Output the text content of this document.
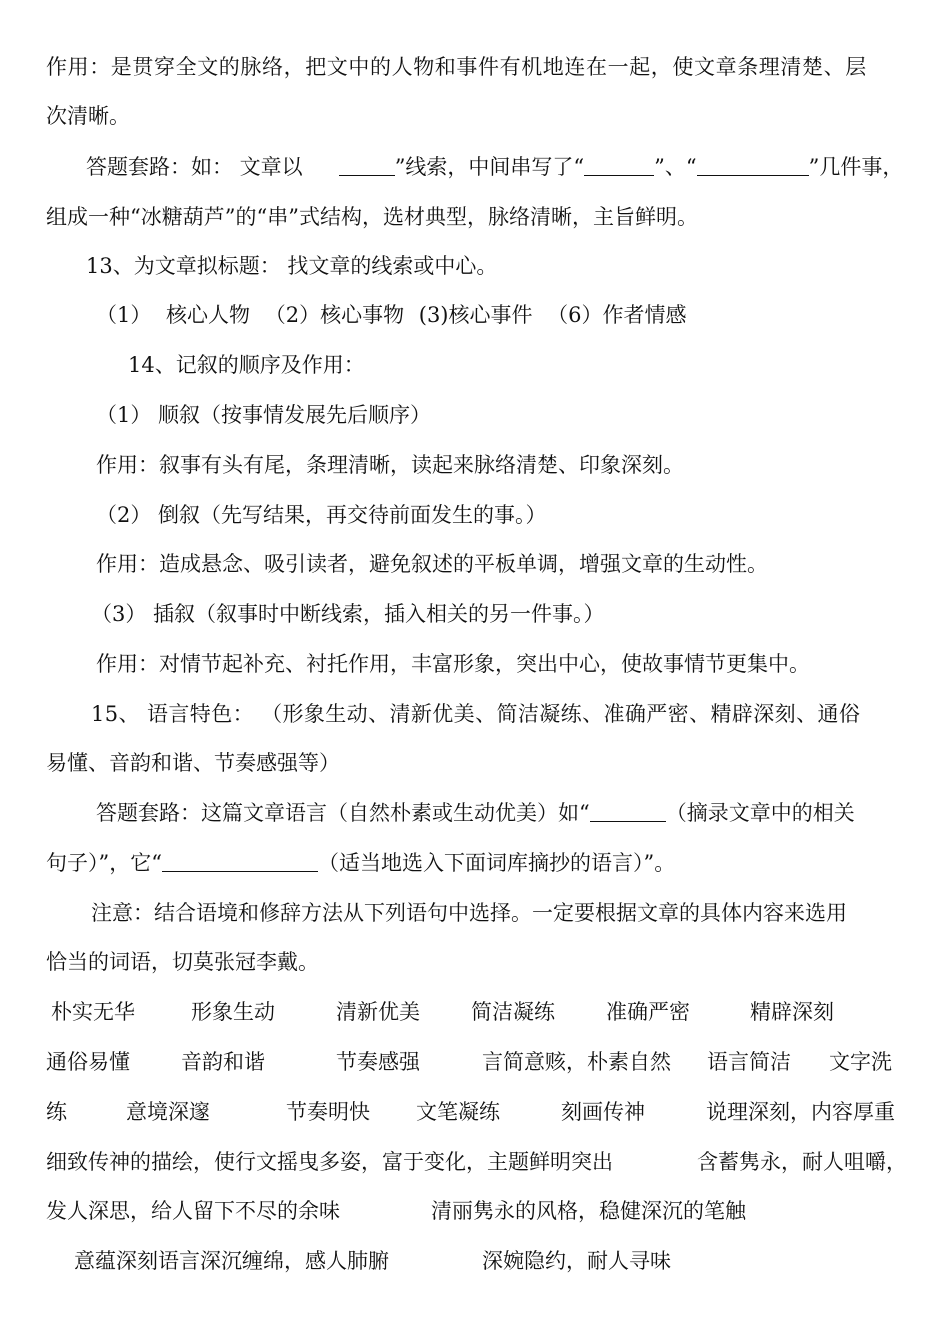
作用：是贯穿全文的脉络，把文中的人物和事件有机地连在一起，使文章条理清楚、层
次清晰。
答题套路：如： 文章以	”线索，中间串写了“	”、“	”几件事，
组成一种“冰糖葫芦”的“串”式结构，选材典型，脉络清晰，主旨鲜明。
13、为文章拟标题： 找文章的线索或中心。
（1） 核心人物 （2）核心事物 (3)核心事件 （6）作者情感
14、记叙的顺序及作用：
（1） 顺叙（按事情发展先后顺序）
作用：叙事有头有尾，条理清晰，读起来脉络清楚、印象深刻。
（2） 倒叙（先写结果，再交待前面发生的事。）
作用：造成悬念、吸引读者，避免叙述的平板单调，增强文章的生动性。
（3） 插叙（叙事时中断线索，插入相关的另一件事。）
作用：对情节起补充、衬托作用，丰富形象，突出中心，使故事情节更集中。
15、 语言特色： （形象生动、清新优美、简洁凝练、准确严密、精辟深刻、通俗
易懂、音韵和谐、节奏感强等）
答题套路：这篇文章语言（自然朴素或生动优美）如“	（摘录文章中的相关
句子）”，它“	（适当地选入下面词库摘抄的语言）”。
注意：结合语境和修辞方法从下列语句中选择。一定要根据文章的具体内容来选用
恰当的词语，切莫张冠李戴。
朴实无华	形象生动	清新优美 简洁凝练 准确严密	精辟深刻
通俗易懂 音韵和谐	节奏感强	言简意赅，朴素自然 语言简洁 文字洗
练	意境深邃	节奏明快 文笔凝练	刻画传神	说理深刻，内容厚重
细致传神的描绘，使行文摇曳多姿，富于变化，主题鲜明突出	含蓄隽永，耐人咀嚼，
发人深思，给人留下不尽的余味	清丽隽永的风格，稳健深沉的笔触
意蕴深刻语言深沉缠绵，感人肺腑	深婉隐约，耐人寻味
